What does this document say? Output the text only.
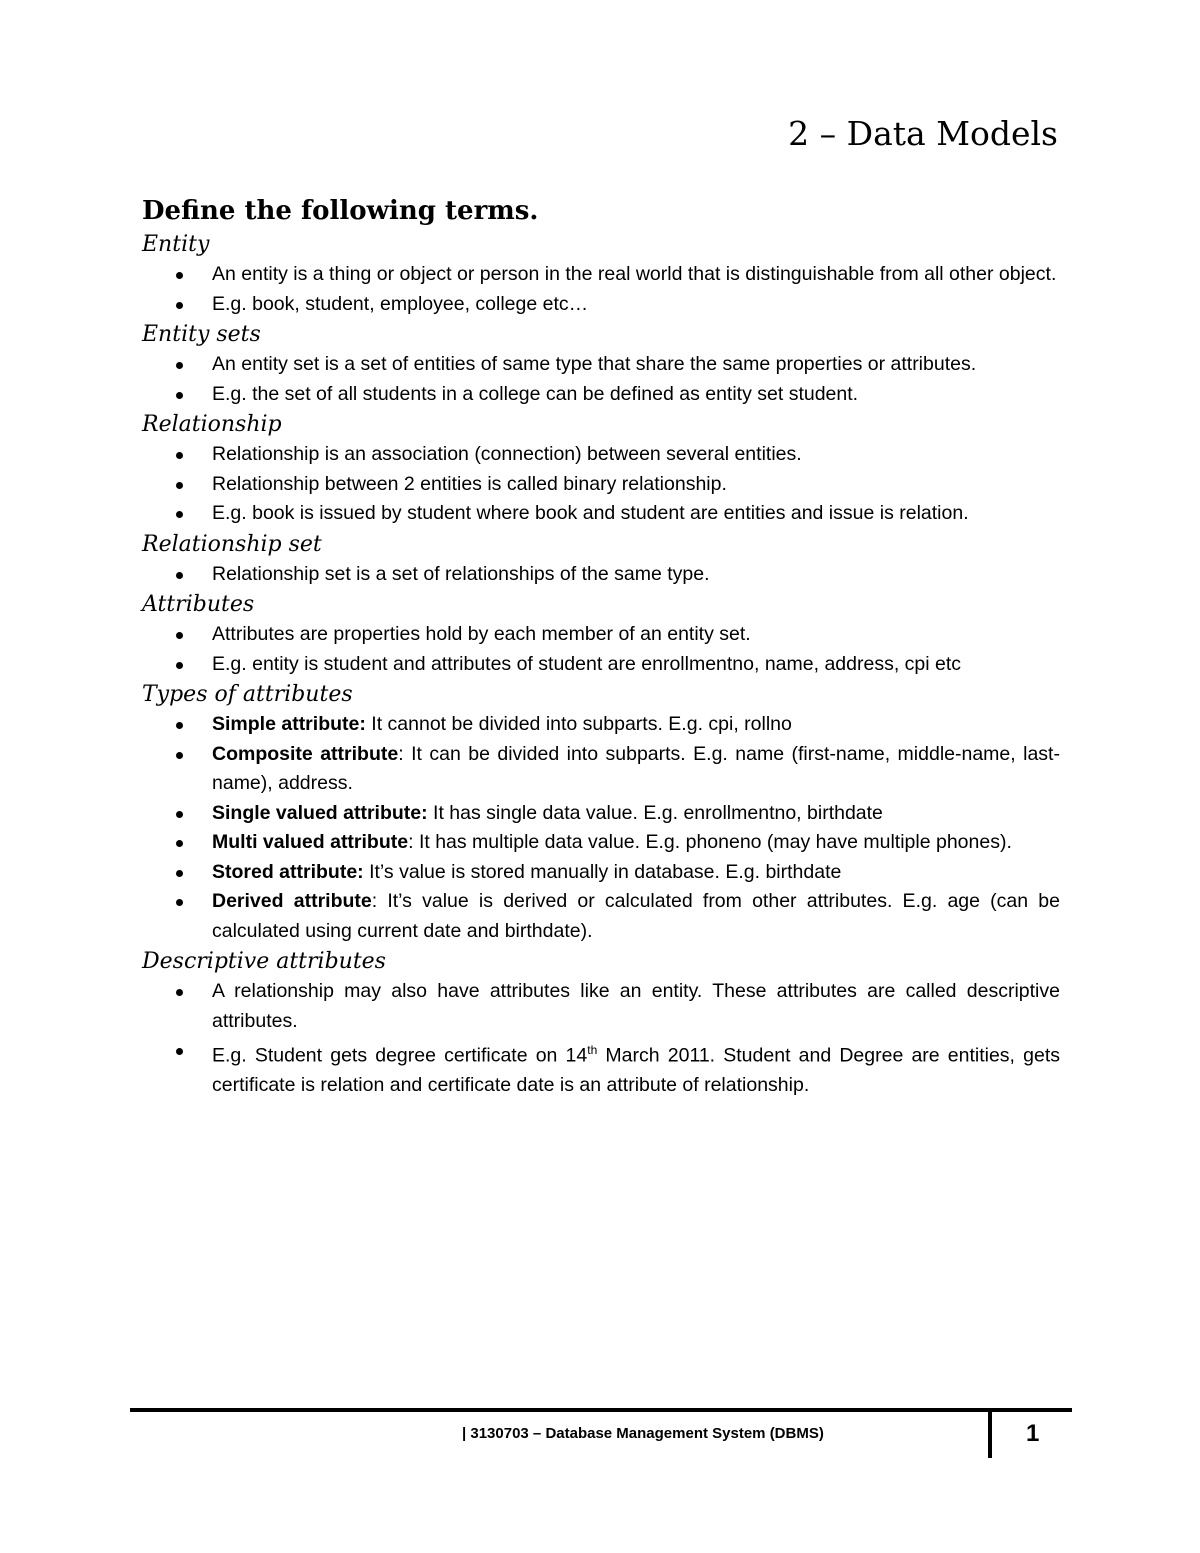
2 – Data Models
Define the following terms.
Entity
An entity is a thing or object or person in the real world that is distinguishable from all other object.
E.g. book, student, employee, college etc…
Entity sets
An entity set is a set of entities of same type that share the same properties or attributes.
E.g. the set of all students in a college can be defined as entity set student.
Relationship
Relationship is an association (connection) between several entities.
Relationship between 2 entities is called binary relationship.
E.g. book is issued by student where book and student are entities and issue is relation.
Relationship set
Relationship set is a set of relationships of the same type.
Attributes
Attributes are properties hold by each member of an entity set.
E.g. entity is student and attributes of student are enrollmentno, name, address, cpi etc
Types of attributes
Simple attribute: It cannot be divided into subparts. E.g. cpi, rollno
Composite attribute: It can be divided into subparts. E.g. name (first-name, middle-name, last-name), address.
Single valued attribute: It has single data value. E.g. enrollmentno, birthdate
Multi valued attribute: It has multiple data value. E.g. phoneno (may have multiple phones).
Stored attribute: It’s value is stored manually in database. E.g. birthdate
Derived attribute: It’s value is derived or calculated from other attributes. E.g. age (can be calculated using current date and birthdate).
Descriptive attributes
A relationship may also have attributes like an entity. These attributes are called descriptive attributes.
E.g. Student gets degree certificate on 14th March 2011. Student and Degree are entities, gets certificate is relation and certificate date is an attribute of relationship.
| 3130703 – Database Management System (DBMS)	1
